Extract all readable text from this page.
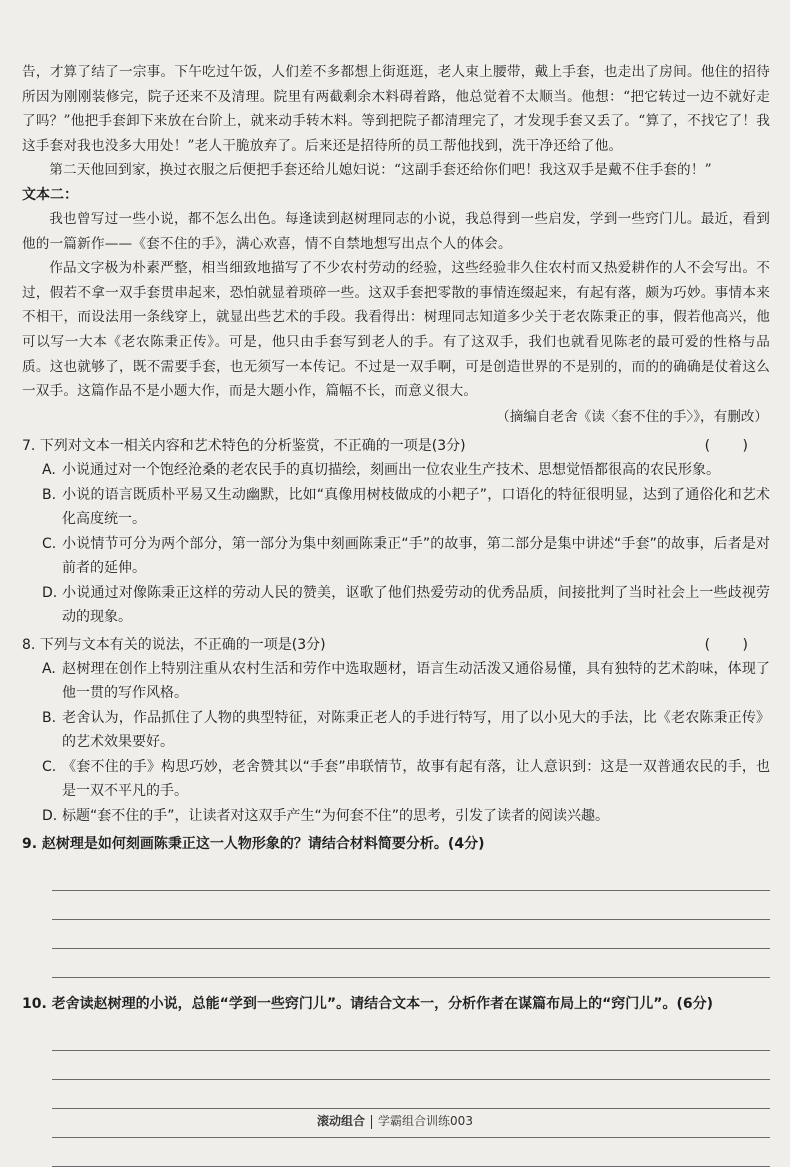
告，才算了结了一宗事。下午吃过午饭，人们差不多都想上街逛逛，老人束上腰带，戴上手套，也走出了房间。他住的招待所因为刚刚装修完，院子还来不及清理。院里有两截剩余木料碍着路，他总觉着不太顺当。他想：“把它转过一边不就好走了吗？”他把手套卸下来放在台阶上，就来动手转木料。等到把院子都清理完了，才发现手套又丢了。“算了，不找它了！我这手套对我也没多大用处！”老人干脆放弃了。后来还是招待所的员工帮他找到，洗干净还给了他。

第二天他回到家，换过衣服之后便把手套还给儿媳妇说：“这副手套还给你们吧！我这双手是戴不住手套的！”

文本二：

我也曾写过一些小说，都不怎么出色。每逢读到赵树理同志的小说，我总得到一些启发，学到一些窍门儿。最近，看到他的一篇新作——《套不住的手》，满心欢喜，情不自禁地想写出点个人的体会。

作品文字极为朴素严整，相当细致地描写了不少农村劳动的经验，这些经验非久住农村而又热爱耕作的人不会写出。不过，假若不拿一双手套贯串起来，恐怕就显着琐碎一些。这双手套把零散的事情连缀起来，有起有落，颇为巧妙。事情本来不相干，而设法用一条线穿上，就显出些艺术的手段。我看得出：树理同志知道多少关于老农陈秉正的事，假若他高兴，他可以写一大本《老农陈秉正传》。可是，他只由手套写到老人的手。有了这双手，我们也就看见陈老的最可爱的性格与品质。这也就够了，既不需要手套，也无须写一本传记。不过是一双手啊，可是创造世界的不是别的，而的的确确是仗着这么一双手。这篇作品不是小题大作，而是大题小作，篇幅不长，而意义很大。

（摘编自老舍《读〈套不住的手〉》，有删改）

7. 下列对文本一相关内容和艺术特色的分析鉴赏，不正确的一项是(3分)	( )
A. 小说通过对一个饱经沧桑的老农民手的真切描绘，刻画出一位农业生产技术、思想觉悟都很高的农民形象。
B. 小说的语言既质朴平易又生动幽默，比如“真像用树枝做成的小耙子”，口语化的特征很明显，达到了通俗化和艺术化高度统一。
C. 小说情节可分为两个部分，第一部分为集中刻画陈秉正“手”的故事，第二部分是集中讲述“手套”的故事，后者是对前者的延伸。
D. 小说通过对像陈秉正这样的劳动人民的赞美，讴歌了他们热爱劳动的优秀品质，间接批判了当时社会上一些歧视劳动的现象。
8. 下列与文本有关的说法，不正确的一项是(3分)	( )
A. 赵树理在创作上特别注重从农村生活和劳作中选取题材，语言生动活泼又通俗易懂，具有独特的艺术韵味，体现了他一贯的写作风格。
B. 老舍认为，作品抓住了人物的典型特征，对陈秉正老人的手进行特写，用了以小见大的手法，比《老农陈秉正传》的艺术效果要好。
C. 《套不住的手》构思巧妙，老舍赞其以“手套”串联情节，故事有起有落，让人意识到：这是一双普通农民的手，也是一双不平凡的手。
D. 标题“套不住的手”，让读者对这双手产生“为何套不住”的思考，引发了读者的阅读兴趣。
9. 赵树理是如何刻画陈秉正这一人物形象的？请结合材料简要分析。(4分)
10. 老舍读赵树理的小说，总能“学到一些窍门儿”。请结合文本一，分析作者在谋篇布局上的“窍门儿”。(6分)
滚动组合 学霸组合训练003
